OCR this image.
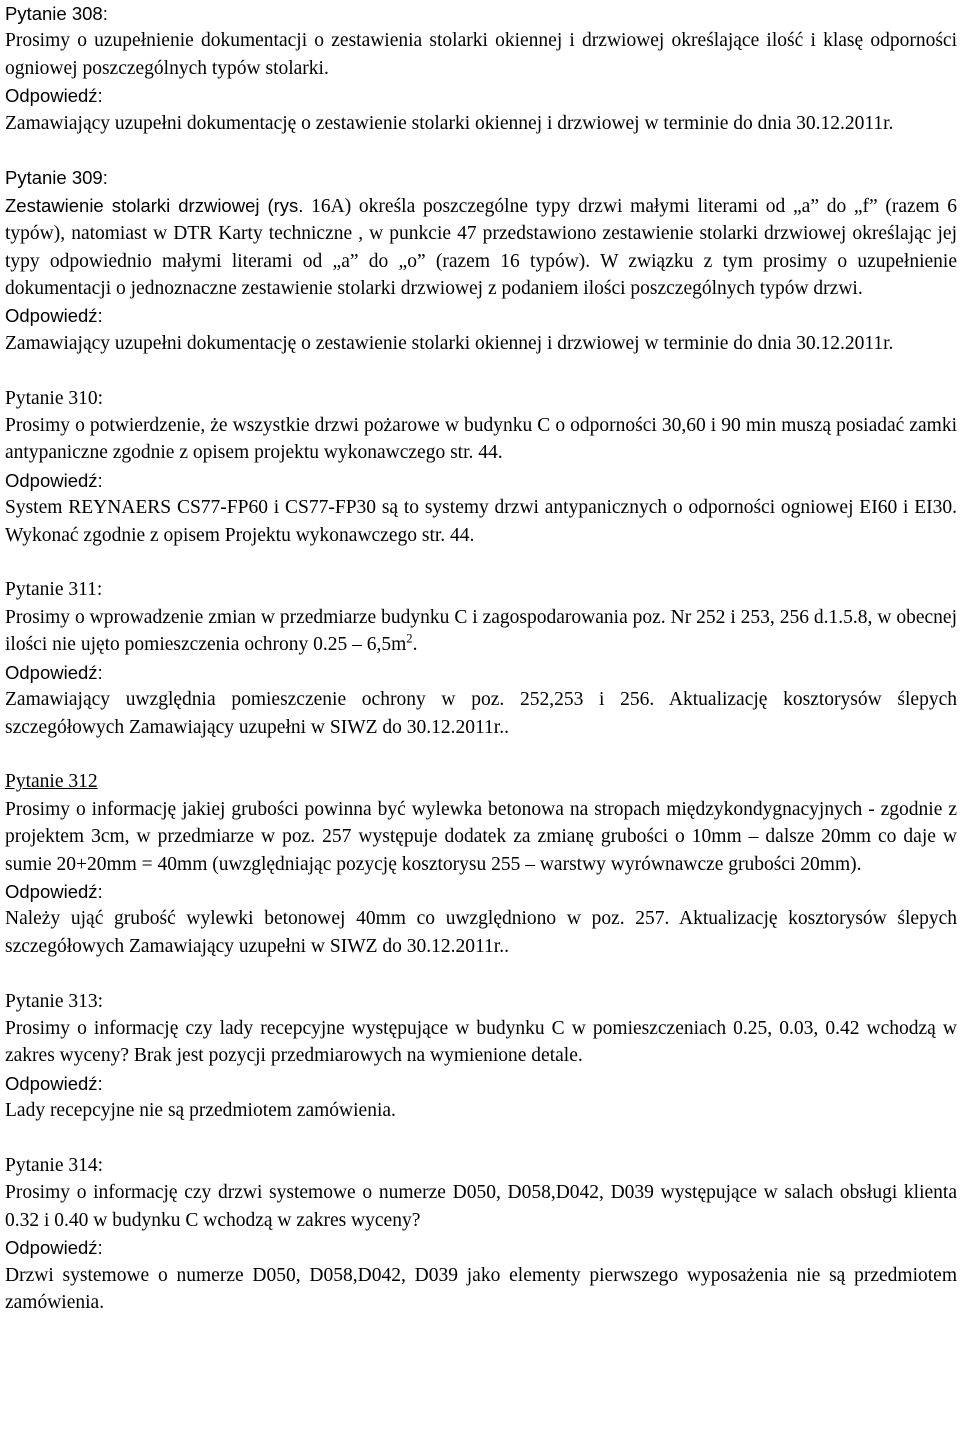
Pytanie 308:

Prosimy o uzupełnienie dokumentacji o zestawienia stolarki okiennej i drzwiowej określające ilość i klasę odporności ogniowej poszczególnych typów stolarki.

Odpowiedź:

Zamawiający uzupełni dokumentację o zestawienie stolarki okiennej i drzwiowej w terminie do dnia 30.12.2011r.

Pytanie 309:

Zestawienie stolarki drzwiowej (rys. 16A) określa poszczególne typy drzwi małymi literami od „a” do „f” (razem 6 typów), natomiast w DTR Karty techniczne , w punkcie 47 przedstawiono zestawienie stolarki drzwiowej określając jej typy odpowiednio małymi literami od „a” do „o” (razem 16 typów). W związku z tym prosimy o uzupełnienie dokumentacji o jednoznaczne zestawienie stolarki drzwiowej z podaniem ilości poszczególnych typów drzwi.

Odpowiedź:

Zamawiający uzupełni dokumentację o zestawienie stolarki okiennej i drzwiowej w terminie do dnia 30.12.2011r.

Pytanie 310:

Prosimy o potwierdzenie, że wszystkie drzwi pożarowe w budynku C o odporności 30,60 i 90 min muszą posiadać zamki antypaniczne zgodnie z opisem projektu wykonawczego str. 44.

Odpowiedź:

System REYNAERS CS77-FP60 i CS77-FP30 są to systemy drzwi antypanicznych o odporności ogniowej EI60 i EI30. Wykonać zgodnie z opisem Projektu wykonawczego str. 44.

Pytanie 311:

Prosimy o wprowadzenie zmian w przedmiarze budynku C i zagospodarowania poz. Nr 252 i 253, 256 d.1.5.8, w obecnej ilości nie ujęto pomieszczenia ochrony $0.25 - 6,5m^2$.

Odpowiedź:

Zamawiający uwzględnia pomieszczenie ochrony w poz. 252,253 i 256. Aktualizację kosztorysów ślepych szczegółowych Zamawiający uzupełni w SIWZ do 30.12.2011r..

Pytanie 312

Prosimy o informację jakiej grubości powinna być wylewka betonowa na stropach międzykondygnacyjnych - zgodnie z projektem 3cm, w przedmiarze w poz. 257 występuje dodatek za zmianę grubości o 10mm – dalsze 20mm co daje w sumie 20+20mm = 40mm (uwzględniając pozycję kosztorysu 255 – warstwy wyrównawcze grubości 20mm).

Odpowiedź:

Należy ująć grubość wylewki betonowej 40mm co uwzględniono w poz. 257. Aktualizację kosztorysów ślepych szczegółowych Zamawiający uzupełni w SIWZ do 30.12.2011r..

Pytanie 313:

Prosimy o informację czy lady recepcyjne występujące w budynku C w pomieszczeniach 0.25, 0.03, 0.42 wchodzą w zakres wyceny? Brak jest pozycji przedmiarowych na wymienione detale.

Odpowiedź:

Lady recepcyjne nie są przedmiotem zamówienia.

Pytanie 314:

Prosimy o informację czy drzwi systemowe o numerze D050, D058,D042, D039 występujące w salach obsługi klienta 0.32 i 0.40 w budynku C wchodzą w zakres wyceny?

Odpowiedź:

Drzwi systemowe o numerze D050, D058,D042, D039 jako elementy pierwszego wyposażenia nie są przedmiotem zamówienia.
